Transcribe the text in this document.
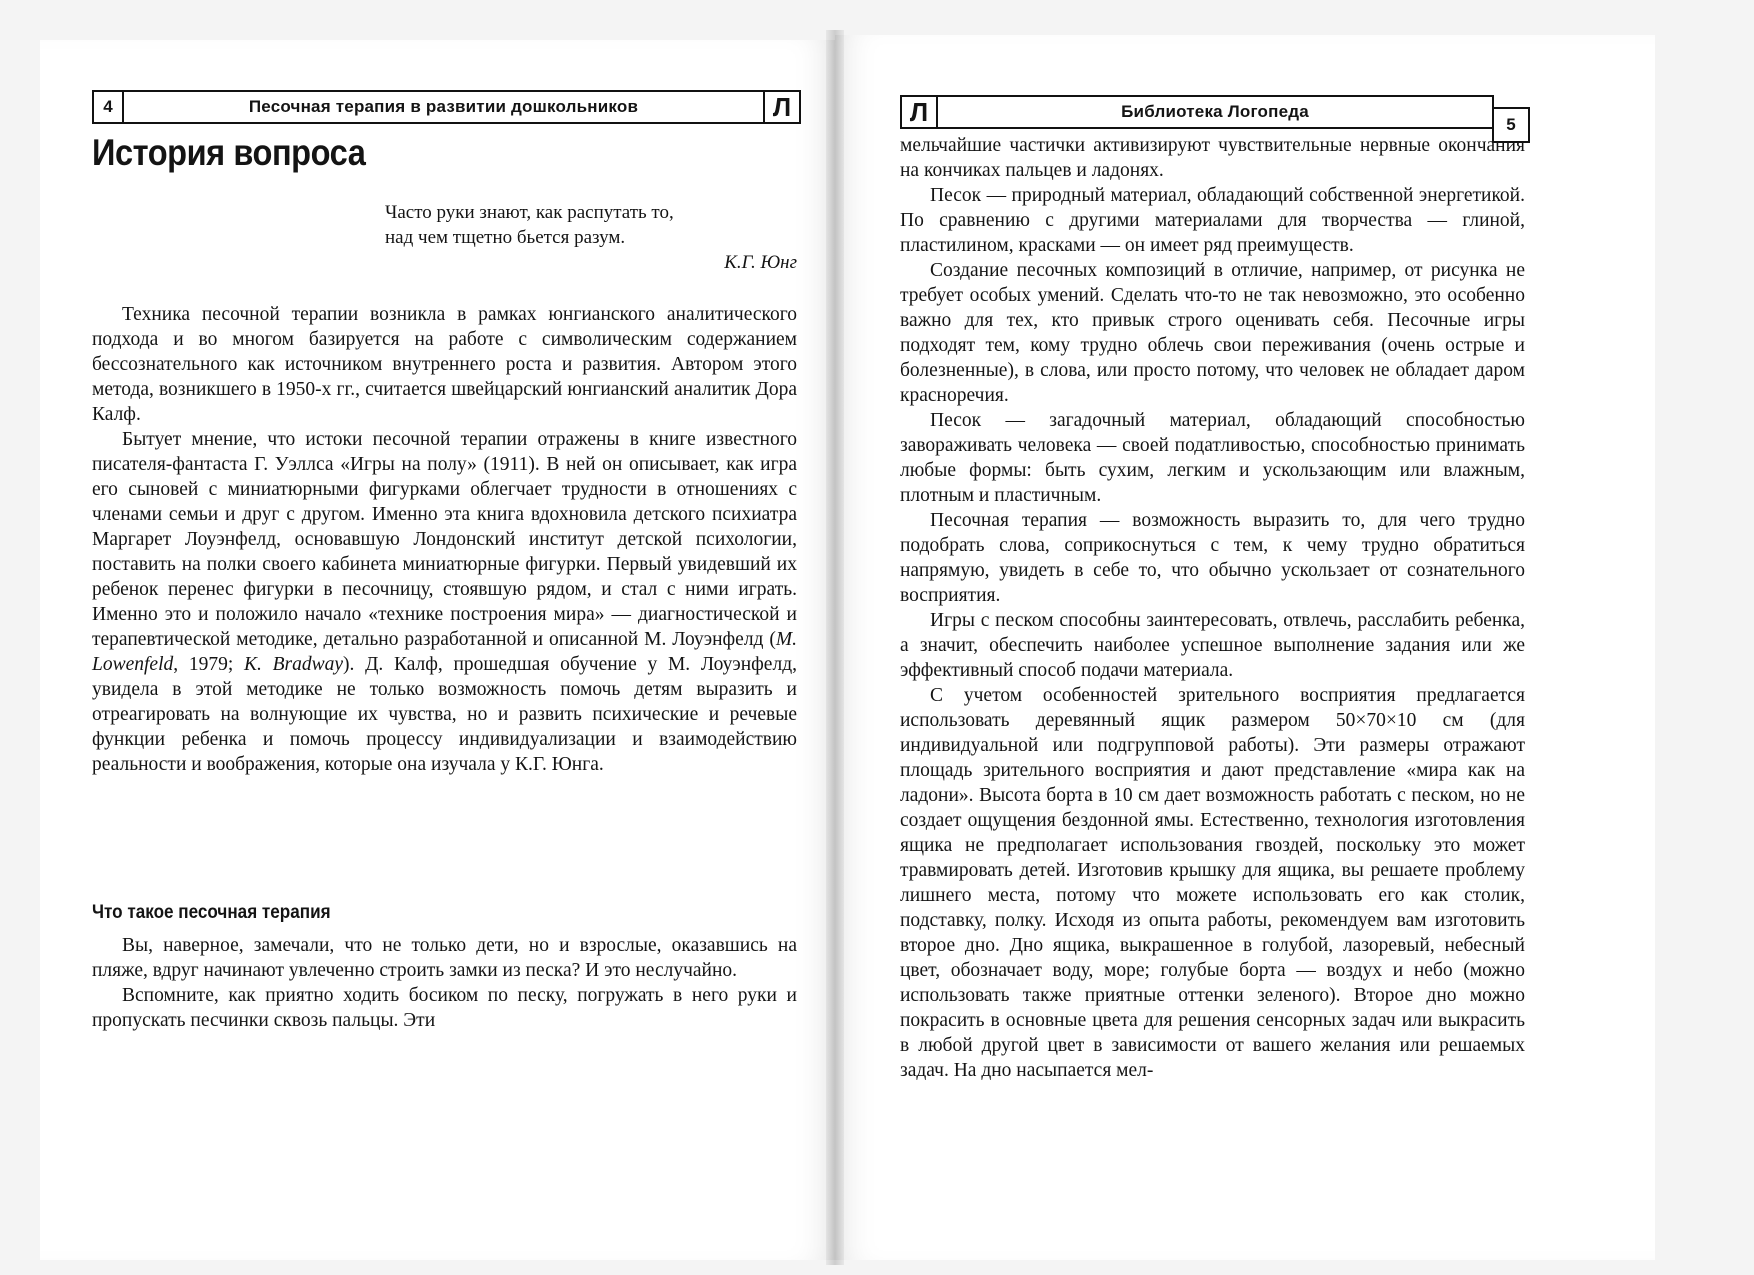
4	Песочная терапия в развитии дошкольников	Л
История вопроса
Часто руки знают, как распутать то,
над чем тщетно бьется разум.
К.Г. Юнг

Техника песочной терапии возникла в рамках юнгианского аналитического подхода и во многом базируется на работе с символическим содержанием бессознательного как источником внутреннего роста и развития. Автором этого метода, возникшего в 1950-х гг., считается швейцарский юнгианский аналитик Дора Калф.

Бытует мнение, что истоки песочной терапии отражены в книге известного писателя-фантаста Г. Уэллса «Игры на полу» (1911). В ней он описывает, как игра его сыновей с миниатюрными фигурками облегчает трудности в отношениях с членами семьи и друг с другом. Именно эта книга вдохновила детского психиатра Маргарет Лоуэнфелд, основавшую Лондонский институт детской психологии, поставить на полки своего кабинета миниатюрные фигурки. Первый увидевший их ребенок перенес фигурки в песочницу, стоявшую рядом, и стал с ними играть. Именно это и положило начало «технике построения мира» — диагностической и терапевтической методике, детально разработанной и описанной М. Лоуэнфелд (M. Lowenfeld, 1979; K. Bradway). Д. Калф, прошедшая обучение у М. Лоуэнфелд, увидела в этой методике не только возможность помочь детям выразить и отреагировать на волнующие их чувства, но и развить психические и речевые функции ребенка и помочь процессу индивидуализации и взаимодействию реальности и воображения, которые она изучала у К.Г. Юнга.

Что такое песочная терапия

Вы, наверное, замечали, что не только дети, но и взрослые, оказавшись на пляже, вдруг начинают увлеченно строить замки из песка? И это неслучайно.

Вспомните, как приятно ходить босиком по песку, погружать в него руки и пропускать песчинки сквозь пальцы. Эти

Л	Библиотека Логопеда
5

мельчайшие частички активизируют чувствительные нервные окончания на кончиках пальцев и ладонях.

Песок — природный материал, обладающий собственной энергетикой. По сравнению с другими материалами для творчества — глиной, пластилином, красками — он имеет ряд преимуществ.

Создание песочных композиций в отличие, например, от рисунка не требует особых умений. Сделать что-то не так невозможно, это особенно важно для тех, кто привык строго оценивать себя. Песочные игры подходят тем, кому трудно облечь свои переживания (очень острые и болезненные), в слова, или просто потому, что человек не обладает даром красноречия.

Песок — загадочный материал, обладающий способностью завораживать человека — своей податливостью, способностью принимать любые формы: быть сухим, легким и ускользающим или влажным, плотным и пластичным.

Песочная терапия — возможность выразить то, для чего трудно подобрать слова, соприкоснуться с тем, к чему трудно обратиться напрямую, увидеть в себе то, что обычно ускользает от сознательного восприятия.

Игры с песком способны заинтересовать, отвлечь, расслабить ребенка, а значит, обеспечить наиболее успешное выполнение задания или же эффективный способ подачи материала.

С учетом особенностей зрительного восприятия предлагается использовать деревянный ящик размером 50×70×10 см (для индивидуальной или подгрупповой работы). Эти размеры отражают площадь зрительного восприятия и дают представление «мира как на ладони». Высота борта в 10 см дает возможность работать с песком, но не создает ощущения бездонной ямы. Естественно, технология изготовления ящика не предполагает использования гвоздей, поскольку это может травмировать детей. Изготовив крышку для ящика, вы решаете проблему лишнего места, потому что можете использовать его как столик, подставку, полку. Исходя из опыта работы, рекомендуем вам изготовить второе дно. Дно ящика, выкрашенное в голубой, лазоревый, небесный цвет, обозначает воду, море; голубые борта — воздух и небо (можно использовать также приятные оттенки зеленого). Второе дно можно покрасить в основные цвета для решения сенсорных задач или выкрасить в любой другой цвет в зависимости от вашего желания или решаемых задач. На дно насыпается мел-
